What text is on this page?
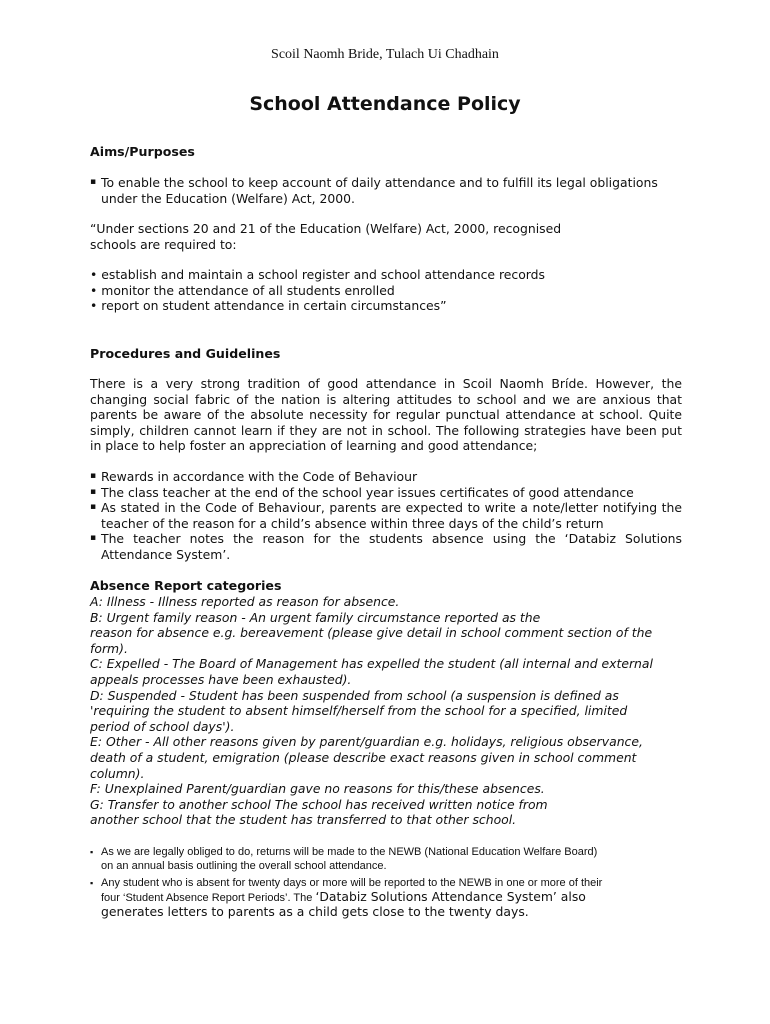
Scoil Naomh Bride, Tulach Ui Chadhain
School Attendance Policy
Aims/Purposes
▪ To enable the school to keep account of daily attendance and to fulfill its legal obligations
under the Education (Welfare) Act, 2000.
“Under sections 20 and 21 of the Education (Welfare) Act, 2000, recognised
schools are required to:
• establish and maintain a school register and school attendance records
• monitor the attendance of all students enrolled
• report on student attendance in certain circumstances”
Procedures and Guidelines
There is a very strong tradition of good attendance in Scoil Naomh Bríde. However, the changing social fabric of the nation is altering attitudes to school and we are anxious that parents be aware of the absolute necessity for regular punctual attendance at school. Quite simply, children cannot learn if they are not in school. The following strategies have been put in place to help foster an appreciation of learning and good attendance;
▪ Rewards in accordance with the Code of Behaviour
▪ The class teacher at the end of the school year issues certificates of good attendance
▪ As stated in the Code of Behaviour, parents are expected to write a note/letter notifying the teacher of the reason for a child’s absence within three days of the child’s return
▪ The teacher notes the reason for the students absence using the ‘Databiz Solutions Attendance System’.
Absence Report categories
A: Illness - Illness reported as reason for absence.
B: Urgent family reason - An urgent family circumstance reported as the
reason for absence e.g. bereavement (please give detail in school comment section of the
form).
C: Expelled - The Board of Management has expelled the student (all internal and external
appeals processes have been exhausted).
D: Suspended - Student has been suspended from school (a suspension is defined as
'requiring the student to absent himself/herself from the school for a specified, limited
period of school days').
E: Other - All other reasons given by parent/guardian e.g. holidays, religious observance,
death of a student, emigration (please describe exact reasons given in school comment
column).
F: Unexplained Parent/guardian gave no reasons for this/these absences.
G: Transfer to another school The school has received written notice from
another school that the student has transferred to that other school.
▪ As we are legally obliged to do, returns will be made to the NEWB (National Education Welfare Board)
on an annual basis outlining the overall school attendance.
▪ Any student who is absent for twenty days or more will be reported to the NEWB in one or more of their
four ‘Student Absence Report Periods’. The ‘Databiz Solutions Attendance System’ also
generates letters to parents as a child gets close to the twenty days.
